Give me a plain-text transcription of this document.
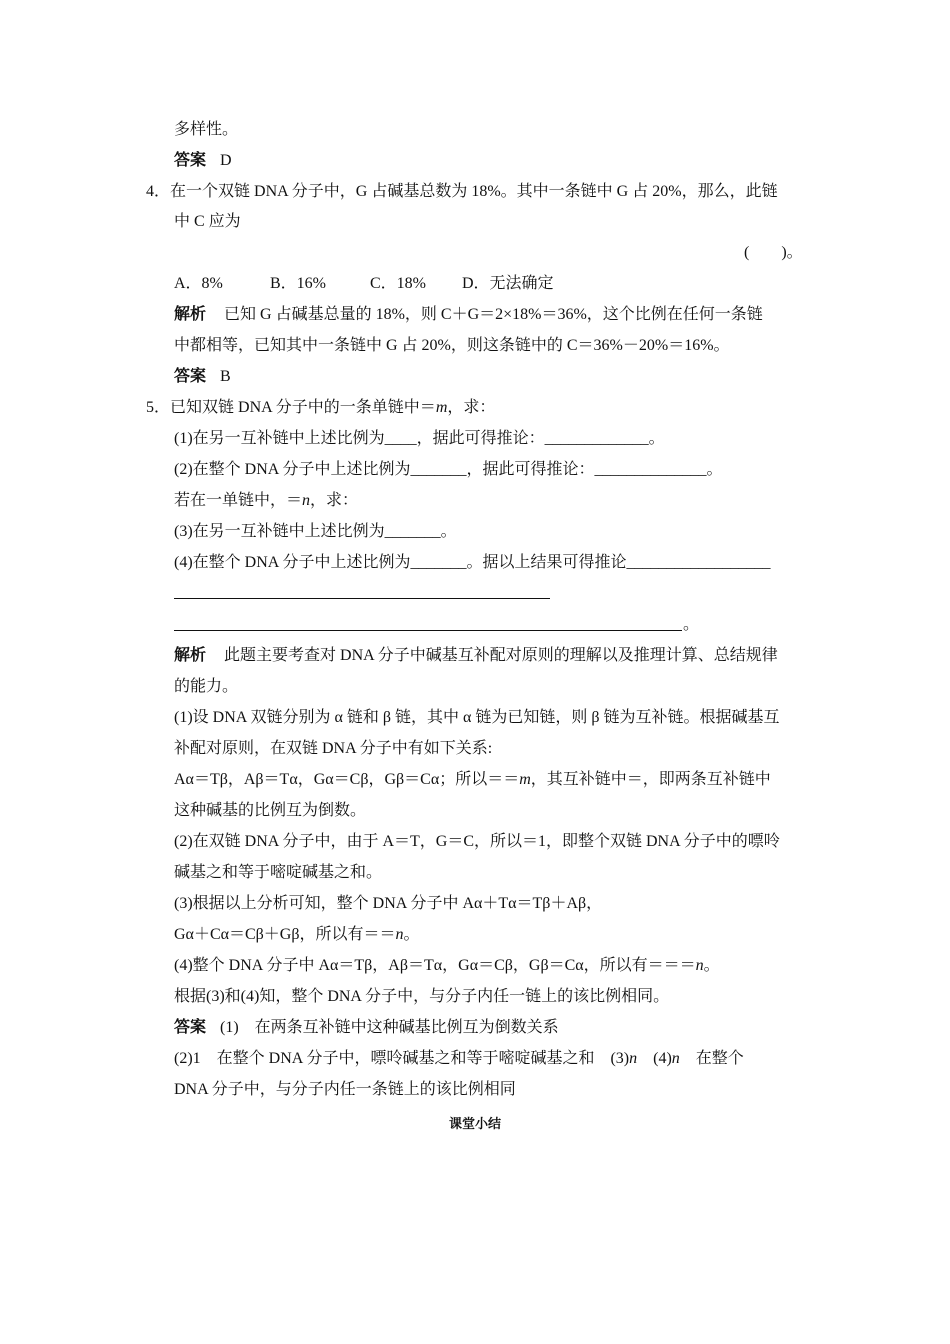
多样性。
答案 D
4．在一个双链 DNA 分子中，G 占碱基总数为 18%。其中一条链中 G 占 20%，那么，此链
中 C 应为
(　　)。
A．8%	B．16%	C．18% D．无法确定
解析 已知 G 占碱基总量的 18%，则 C＋G＝2×18%＝36%，这个比例在任何一条链
中都相等，已知其中一条链中 G 占 20%，则这条链中的 C＝36%－20%＝16%。
答案 B
5．已知双链 DNA 分子中的一条单链中＝m，求：
(1)在另一互补链中上述比例为____，据此可得推论：_____________。
(2)在整个 DNA 分子中上述比例为_______，据此可得推论：______________。
若在一单链中，＝n，求：
(3)在另一互补链中上述比例为_______。
(4)在整个 DNA 分子中上述比例为_______。据以上结果可得推论__________________
。
解析 此题主要考查对 DNA 分子中碱基互补配对原则的理解以及推理计算、总结规律
的能力。
(1)设 DNA 双链分别为 α 链和 β 链，其中 α 链为已知链，则 β 链为互补链。根据碱基互
补配对原则，在双链 DNA 分子中有如下关系:
Aα＝Tβ，Aβ＝Tα，Gα＝Cβ，Gβ＝Cα；所以＝＝m，其互补链中＝，即两条互补链中
这种碱基的比例互为倒数。
(2)在双链 DNA 分子中，由于 A＝T，G＝C，所以＝1，即整个双链 DNA 分子中的嘌呤
碱基之和等于嘧啶碱基之和。
(3)根据以上分析可知，整个 DNA 分子中 Aα＋Tα＝Tβ＋Aβ，
Gα＋Cα＝Cβ＋Gβ，所以有＝＝n。
(4)整个 DNA 分子中 Aα＝Tβ，Aβ＝Tα，Gα＝Cβ，Gβ＝Cα，所以有＝＝＝n。
根据(3)和(4)知，整个 DNA 分子中，与分子内任一链上的该比例相同。
答案 (1)　在两条互补链中这种碱基比例互为倒数关系
(2)1　在整个 DNA 分子中，嘌呤碱基之和等于嘧啶碱基之和　(3)n　(4)n　在整个
DNA 分子中，与分子内任一条链上的该比例相同
课堂小结
